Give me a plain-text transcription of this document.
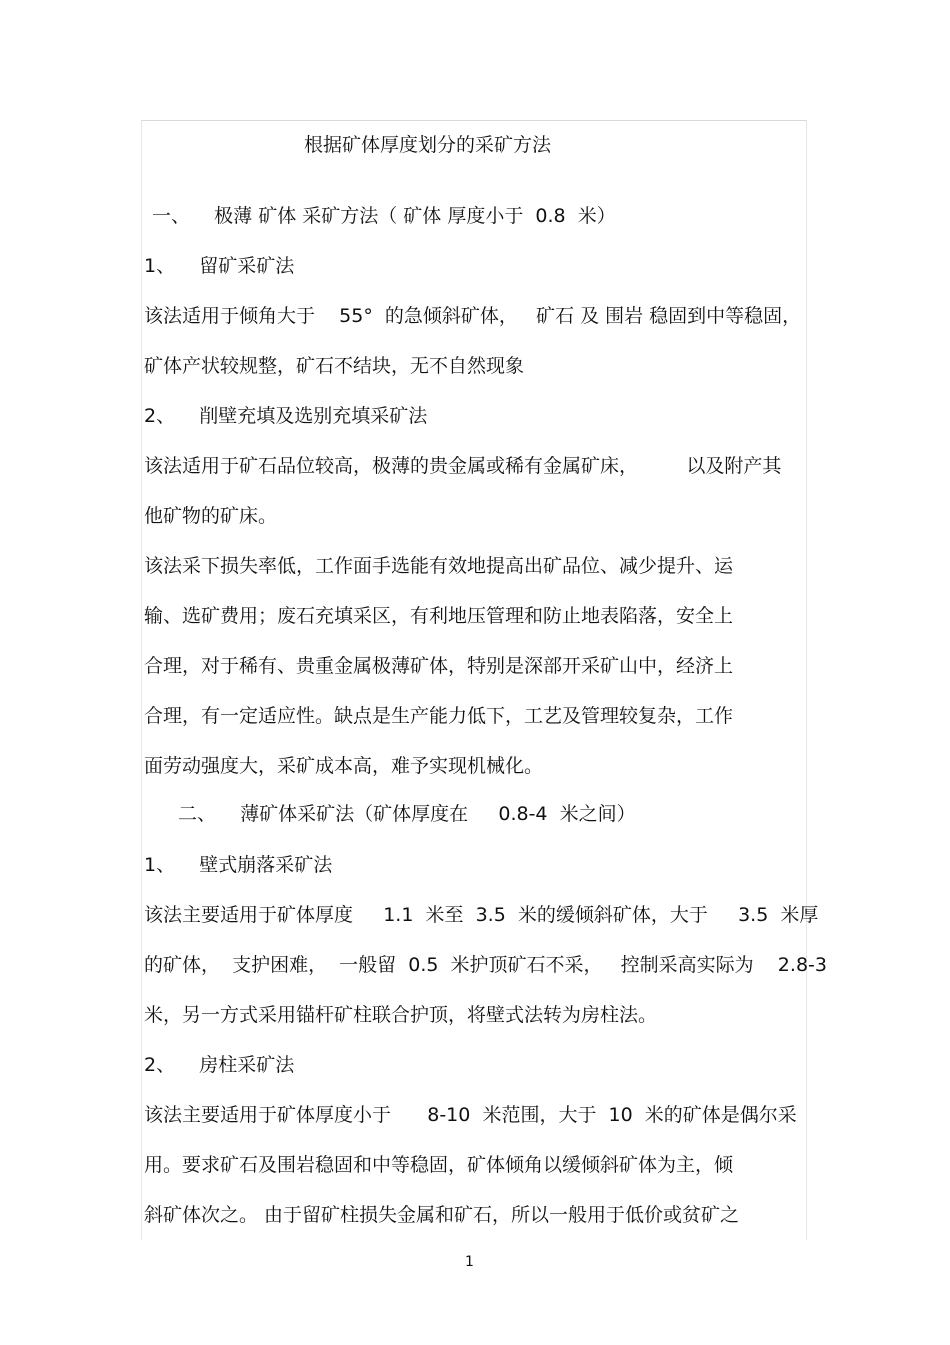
根据矿体厚度划分的采矿方法
一、    极薄 矿体 采矿方法（ 矿体 厚度小于  0.8  米）
1、    留矿采矿法
该法适用于倾角大于    55°  的急倾斜矿体，   矿石 及 围岩 稳固到中等稳固，
矿体产状较规整，矿石不结块，无不自然现象
2、    削壁充填及选别充填采矿法
该法适用于矿石品位较高，极薄的贵金属或稀有金属矿床，        以及附产其
他矿物的矿床。
该法采下损失率低，工作面手选能有效地提高出矿品位、减少提升、运
输、选矿费用；废石充填采区，有利地压管理和防止地表陷落，安全上
合理，对于稀有、贵重金属极薄矿体，特别是深部开采矿山中，经济上
合理，有一定适应性。缺点是生产能力低下，工艺及管理较复杂，工作
面劳动强度大，采矿成本高，难予实现机械化。
二、    薄矿体采矿法（矿体厚度在     0.8-4  米之间）
1、    壁式崩落采矿法
该法主要适用于矿体厚度     1.1  米至  3.5  米的缓倾斜矿体，大于     3.5  米厚
的矿体，  支护困难，  一般留  0.5  米护顶矿石不采，   控制采高实际为    2.8-3
米，另一方式采用锚杆矿柱联合护顶，将壁式法转为房柱法。
2、    房柱采矿法
该法主要适用于矿体厚度小于      8-10  米范围，大于  10  米的矿体是偶尔采
用。要求矿石及围岩稳固和中等稳固，矿体倾角以缓倾斜矿体为主，倾
斜矿体次之。 由于留矿柱损失金属和矿石，所以一般用于低价或贫矿之
1
